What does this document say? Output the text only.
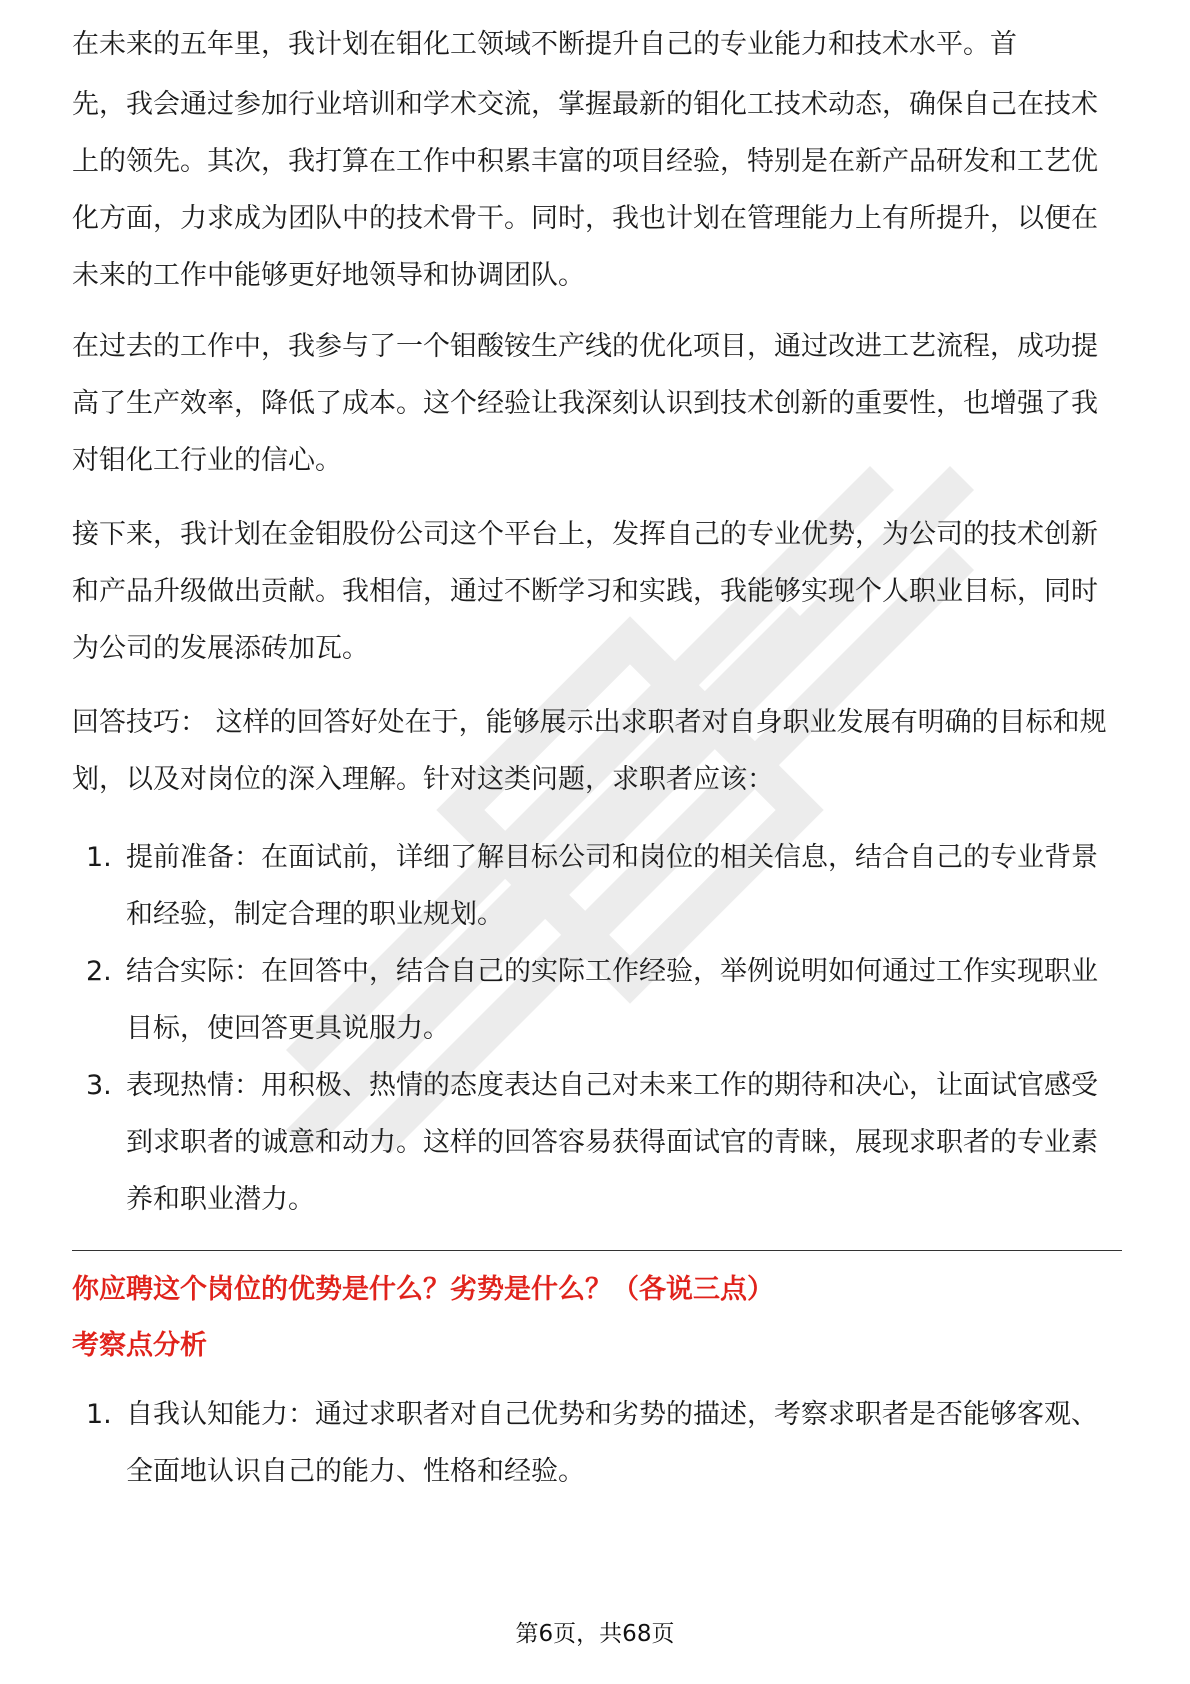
在未来的五年里，我计划在钼化工领域不断提升自己的专业能力和技术水平。首

先，我会通过参加行业培训和学术交流，掌握最新的钼化工技术动态，确保自己在技术上的领先。其次，我打算在工作中积累丰富的项目经验，特别是在新产品研发和工艺优化方面，力求成为团队中的技术骨干。同时，我也计划在管理能力上有所提升，以便在未来的工作中能够更好地领导和协调团队。

在过去的工作中，我参与了一个钼酸铵生产线的优化项目，通过改进工艺流程，成功提高了生产效率，降低了成本。这个经验让我深刻认识到技术创新的重要性，也增强了我对钼化工行业的信心。

接下来，我计划在金钼股份公司这个平台上，发挥自己的专业优势，为公司的技术创新和产品升级做出贡献。我相信，通过不断学习和实践，我能够实现个人职业目标，同时为公司的发展添砖加瓦。

回答技巧： 这样的回答好处在于，能够展示出求职者对自身职业发展有明确的目标和规划，以及对岗位的深入理解。针对这类问题，求职者应该：

1. 提前准备：在面试前，详细了解目标公司和岗位的相关信息，结合自己的专业背景和经验，制定合理的职业规划。
2. 结合实际：在回答中，结合自己的实际工作经验，举例说明如何通过工作实现职业目标，使回答更具说服力。
3. 表现热情：用积极、热情的态度表达自己对未来工作的期待和决心，让面试官感受到求职者的诚意和动力。这样的回答容易获得面试官的青睐，展现求职者的专业素养和职业潜力。

你应聘这个岗位的优势是什么？劣势是什么？（各说三点）

考察点分析

1. 自我认知能力：通过求职者对自己优势和劣势的描述，考察求职者是否能够客观、全面地认识自己的能力、性格和经验。
第6页，共68页
